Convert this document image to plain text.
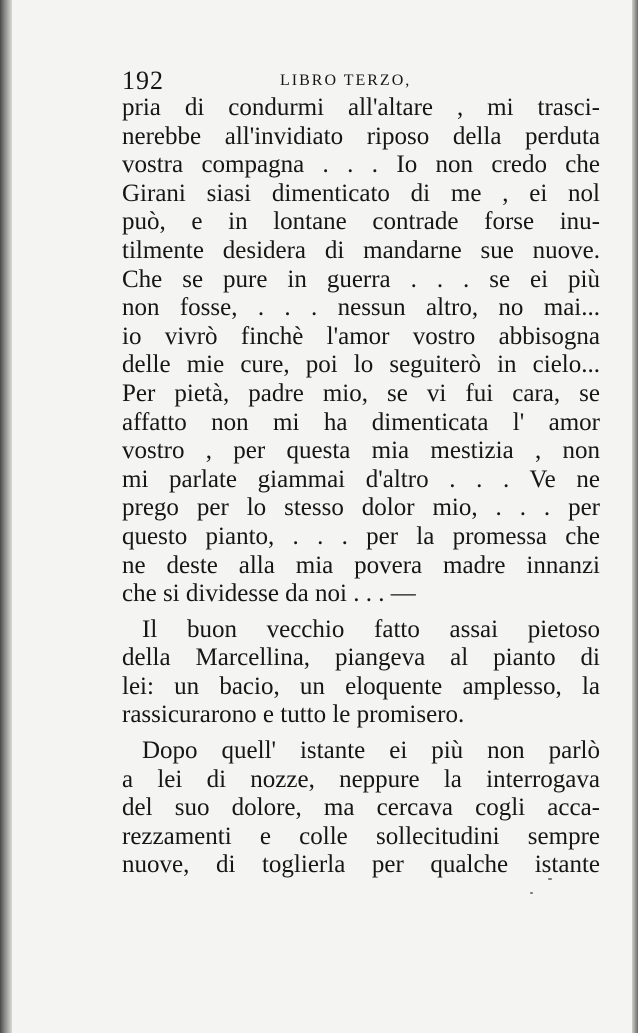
192	LIBRO TERZO,
pria di condurmi all'altare , mi trasci-
nerebbe all'invidiato riposo della perduta
vostra compagna . . . Io non credo che
Girani siasi dimenticato di me , ei nol
può, e in lontane contrade forse inu-
tilmente desidera di mandarne sue nuove.
Che se pure in guerra . . . se ei più
non fosse, . . . nessun altro, no mai...
io vivrò finchè l'amor vostro abbisogna
delle mie cure, poi lo seguiterò in cielo...
Per pietà, padre mio, se vi fui cara, se
affatto non mi ha dimenticata l' amor
vostro , per questa mia mestizia , non
mi parlate giammai d'altro . . . Ve ne
prego per lo stesso dolor mio, . . . per
questo pianto, . . . per la promessa che
ne deste alla mia povera madre innanzi
che si dividesse da noi . . . —
Il buon vecchio fatto assai pietoso
della Marcellina, piangeva al pianto di
lei: un bacio, un eloquente amplesso, la
rassicurarono e tutto le promisero.
Dopo quell' istante ei più non parlò
a lei di nozze, neppure la interrogava
del suo dolore, ma cercava cogli acca-
rezzamenti e colle sollecitudini sempre
nuove, di toglierla per qualche istante
